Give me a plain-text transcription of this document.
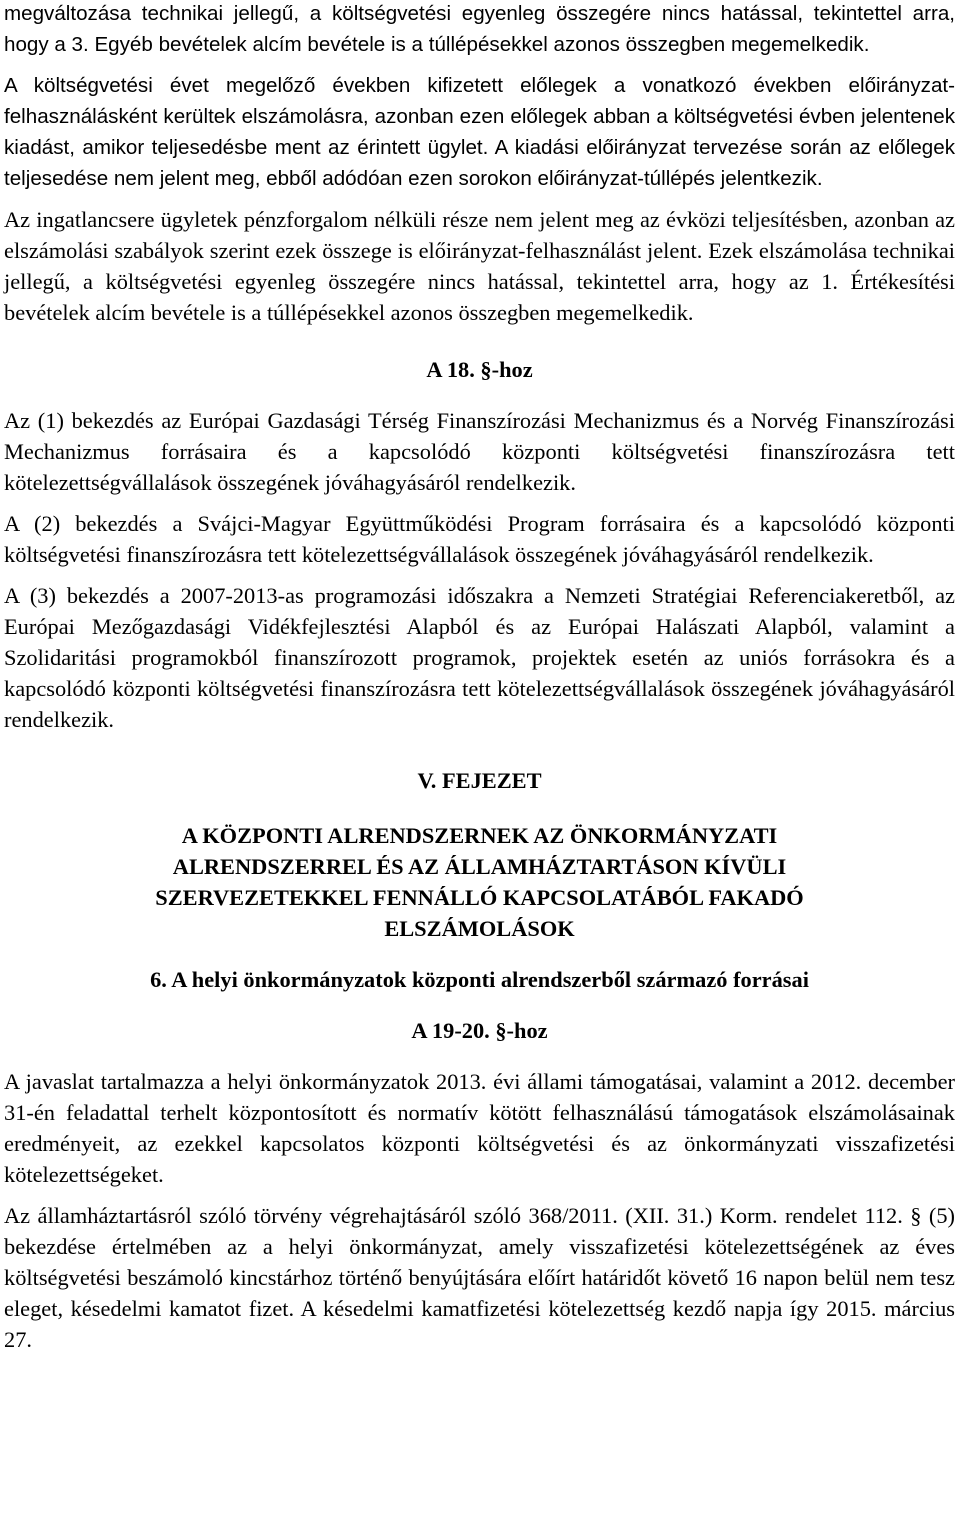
megváltozása technikai jellegű, a költségvetési egyenleg összegére nincs hatással, tekintettel arra, hogy a 3. Egyéb bevételek alcím bevétele is a túllépésekkel azonos összegben megemelkedik.

A költségvetési évet megelőző években kifizetett előlegek a vonatkozó években előirányzat-felhasználásként kerültek elszámolásra, azonban ezen előlegek abban a költségvetési évben jelentenek kiadást, amikor teljesedésbe ment az érintett ügylet. A kiadási előirányzat tervezése során az előlegek teljesedése nem jelent meg, ebből adódóan ezen sorokon előirányzat-túllépés jelentkezik.

Az ingatlancsere ügyletek pénzforgalom nélküli része nem jelent meg az évközi teljesítésben, azonban az elszámolási szabályok szerint ezek összege is előirányzat-felhasználást jelent. Ezek elszámolása technikai jellegű, a költségvetési egyenleg összegére nincs hatással, tekintettel arra, hogy az 1. Értékesítési bevételek alcím bevétele is a túllépésekkel azonos összegben megemelkedik.

A 18. §-hoz

Az (1) bekezdés az Európai Gazdasági Térség Finanszírozási Mechanizmus és a Norvég Finanszírozási Mechanizmus forrásaira és a kapcsolódó központi költségvetési finanszírozásra tett kötelezettségvállalások összegének jóváhagyásáról rendelkezik.

A (2) bekezdés a Svájci-Magyar Együttműködési Program forrásaira és a kapcsolódó központi költségvetési finanszírozásra tett kötelezettségvállalások összegének jóváhagyásáról rendelkezik.

A (3) bekezdés a 2007-2013-as programozási időszakra a Nemzeti Stratégiai Referenciakeretből, az Európai Mezőgazdasági Vidékfejlesztési Alapból és az Európai Halászati Alapból, valamint a Szolidaritási programokból finanszírozott programok, projektek esetén az uniós forrásokra és a kapcsolódó központi költségvetési finanszírozásra tett kötelezettségvállalások összegének jóváhagyásáról rendelkezik.

V. FEJEZET
A KÖZPONTI ALRENDSZERNEK AZ ÖNKORMÁNYZATI
ALRENDSZERREL ÉS AZ ÁLLAMHÁZTARTÁSON KÍVÜLI
SZERVEZETEKKEL FENNÁLLÓ KAPCSOLATÁBÓL FAKADÓ
ELSZÁMOLÁSOK
6. A helyi önkormányzatok központi alrendszerből származó forrásai
A 19-20. §-hoz

A javaslat tartalmazza a helyi önkormányzatok 2013. évi állami támogatásai, valamint a 2012. december 31-én feladattal terhelt központosított és normatív kötött felhasználású támogatások elszámolásainak eredményeit, az ezekkel kapcsolatos központi költségvetési és az önkormányzati visszafizetési kötelezettségeket.

Az államháztartásról szóló törvény végrehajtásáról szóló 368/2011. (XII. 31.) Korm. rendelet 112. § (5) bekezdése értelmében az a helyi önkormányzat, amely visszafizetési kötelezettségének az éves költségvetési beszámoló kincstárhoz történő benyújtására előírt határidőt követő 16 napon belül nem tesz eleget, késedelmi kamatot fizet. A késedelmi kamatfizetési kötelezettség kezdő napja így 2015. március 27.
